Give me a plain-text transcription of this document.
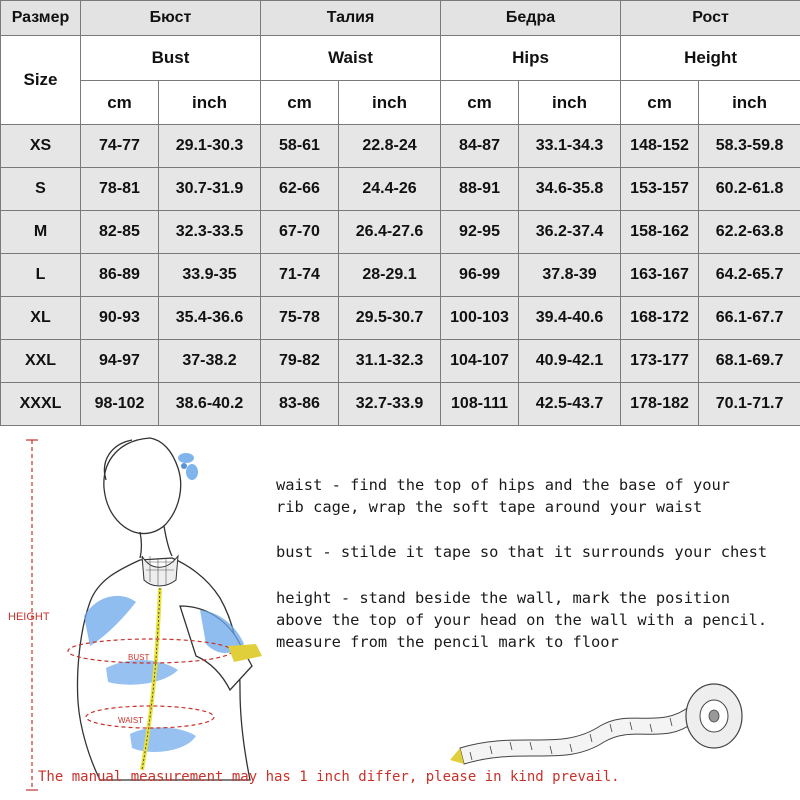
Размер	Бюст		Талия		Бедра		Рост	
Size	Bust		Waist		Hips		Height	
	cm	inch	cm	inch	cm	inch	cm	inch
XS	74-77	29.1-30.3	58-61	22.8-24	84-87	33.1-34.3	148-152	58.3-59.8
S	78-81	30.7-31.9	62-66	24.4-26	88-91	34.6-35.8	153-157	60.2-61.8
M	82-85	32.3-33.5	67-70	26.4-27.6	92-95	36.2-37.4	158-162	62.2-63.8
L	86-89	33.9-35	71-74	28-29.1	96-99	37.8-39	163-167	64.2-65.7
XL	90-93	35.4-36.6	75-78	29.5-30.7	100-103	39.4-40.6	168-172	66.1-67.7
XXL	94-97	37-38.2	79-82	31.1-32.3	104-107	40.9-42.1	173-177	68.1-69.7
XXXL	98-102	38.6-40.2	83-86	32.7-33.9	108-111	42.5-43.7	178-182	70.1-71.7
HEIGHT
BUST
WAIST
waist - find the top of hips and the base of your
rib cage, wrap the soft tape around your waist
bust - stilde it tape so that it surrounds your chest
height - stand beside the wall, mark the position
above the top of your head on the wall with a pencil.
measure from the pencil mark to floor
The manual measurement may has 1 inch differ, please in kind prevail.
